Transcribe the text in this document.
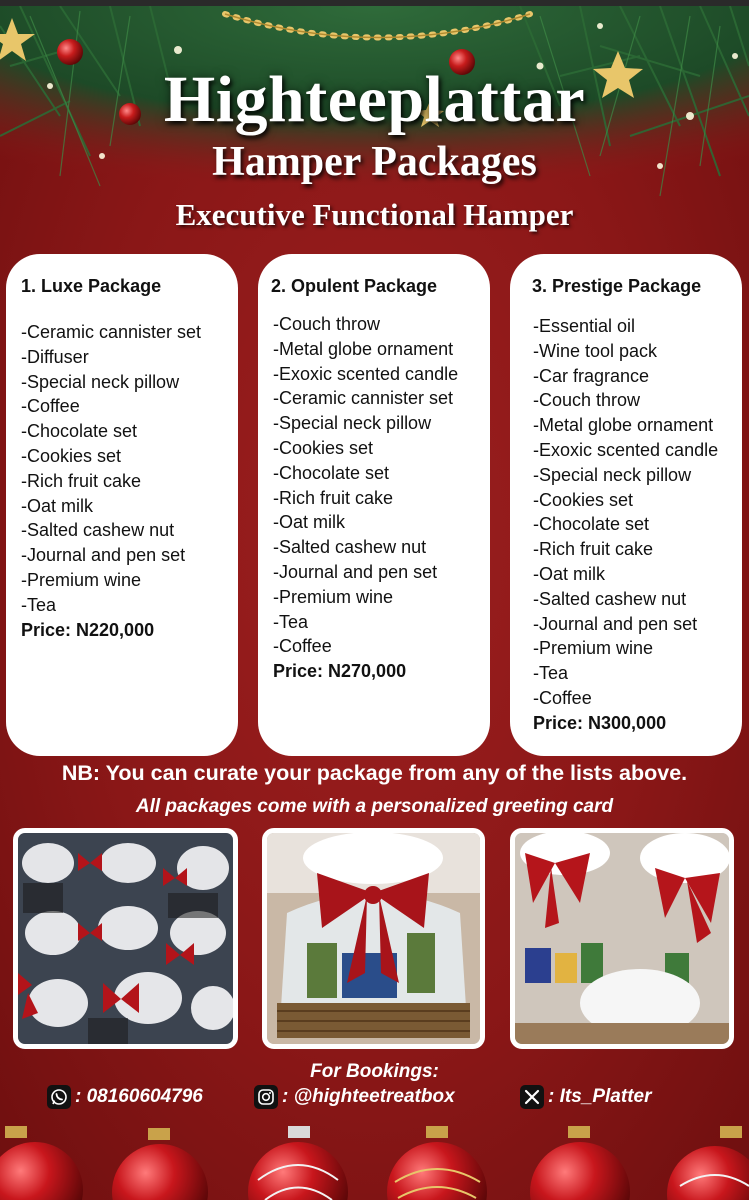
Highteeplattar
Hamper Packages
Executive Functional Hamper
1. Luxe Package
-Ceramic cannister set
-Diffuser
-Special neck pillow
-Coffee
-Chocolate set
-Cookies set
-Rich fruit cake
-Oat milk
-Salted cashew nut
-Journal and pen set
-Premium wine
-Tea
Price: N220,000
2. Opulent Package
-Couch throw
-Metal globe ornament
-Exoxic scented candle
-Ceramic cannister set
-Special neck pillow
-Cookies set
-Chocolate set
-Rich fruit cake
-Oat milk
-Salted cashew nut
-Journal and pen set
-Premium wine
-Tea
-Coffee
Price: N270,000
3. Prestige Package
-Essential oil
-Wine tool pack
-Car fragrance
-Couch throw
-Metal globe ornament
-Exoxic scented candle
-Special neck pillow
-Cookies set
-Chocolate set
-Rich fruit cake
-Oat milk
-Salted cashew nut
-Journal and pen set
-Premium wine
-Tea
-Coffee
Price: N300,000
NB: You can curate your package from any of the lists above.
All packages come with a personalized greeting card
For Bookings:
: 08160604796	: @highteetreatbox	: Its_Platter
